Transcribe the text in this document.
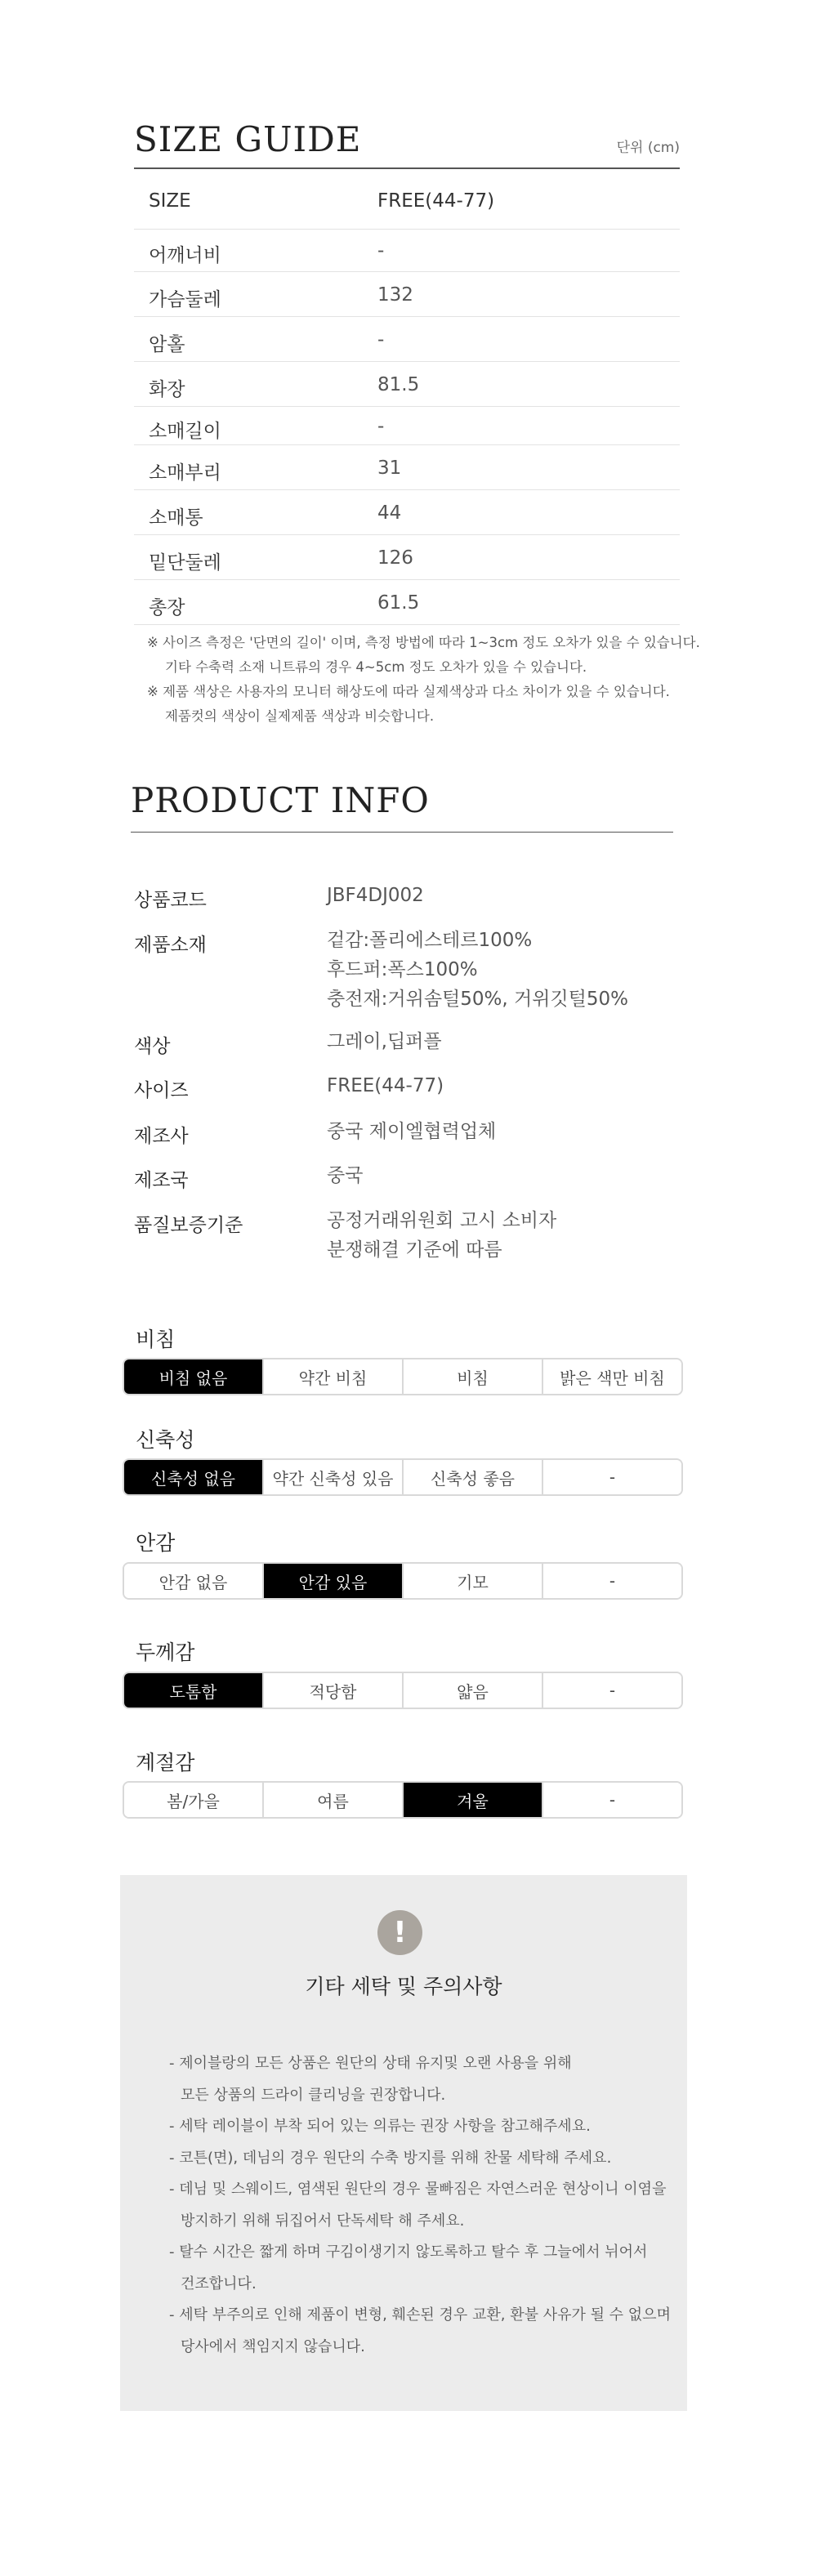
SIZE GUIDE	단위 (cm)
SIZE	FREE(44-77)
어깨너비	-
가슴둘레	132
암홀	-
화장	81.5
소매길이	-
소매부리	31
소매통	44
밑단둘레	126
총장	61.5
※ 사이즈 측정은 '단면의 길이' 이며, 측정 방법에 따라 1~3cm 정도 오차가 있을 수 있습니다.
기타 수축력 소재 니트류의 경우 4~5cm 정도 오차가 있을 수 있습니다.
※ 제품 색상은 사용자의 모니터 해상도에 따라 실제색상과 다소 차이가 있을 수 있습니다.
제품컷의 색상이 실제제품 색상과 비슷합니다.
PRODUCT INFO
상품코드	JBF4DJ002
제품소재	겉감:폴리에스테르100%
후드퍼:폭스100%
충전재:거위솜털50%, 거위깃털50%
색상	그레이,딥퍼플
사이즈	FREE(44-77)
제조사	중국 제이엘협력업체
제조국	중국
품질보증기준	공정거래위원회 고시 소비자
분쟁해결 기준에 따름
비침
비침 없음	약간 비침	비침	밝은 색만 비침
신축성
신축성 없음	약간 신축성 있음	신축성 좋음	-
안감
안감 없음	안감 있음	기모	-
두께감
도톰함	적당함	얇음	-
계절감
봄/가을	여름	겨울	-
!
기타 세탁 및 주의사항
- 제이블랑의 모든 상품은 원단의 상태 유지및 오랜 사용을 위해
모든 상품의 드라이 클리닝을 권장합니다.
- 세탁 레이블이 부착 되어 있는 의류는 권장 사항을 참고해주세요.
- 코튼(면), 데님의 경우 원단의 수축 방지를 위해 찬물 세탁해 주세요.
- 데님 및 스웨이드, 염색된 원단의 경우 물빠짐은 자연스러운 현상이니 이염을
방지하기 위해 뒤집어서 단독세탁 해 주세요.
- 탈수 시간은 짧게 하며 구김이생기지 않도록하고 탈수 후 그늘에서 뉘어서
건조합니다.
- 세탁 부주의로 인해 제품이 변형, 훼손된 경우 교환, 환불 사유가 될 수 없으며
당사에서 책임지지 않습니다.
